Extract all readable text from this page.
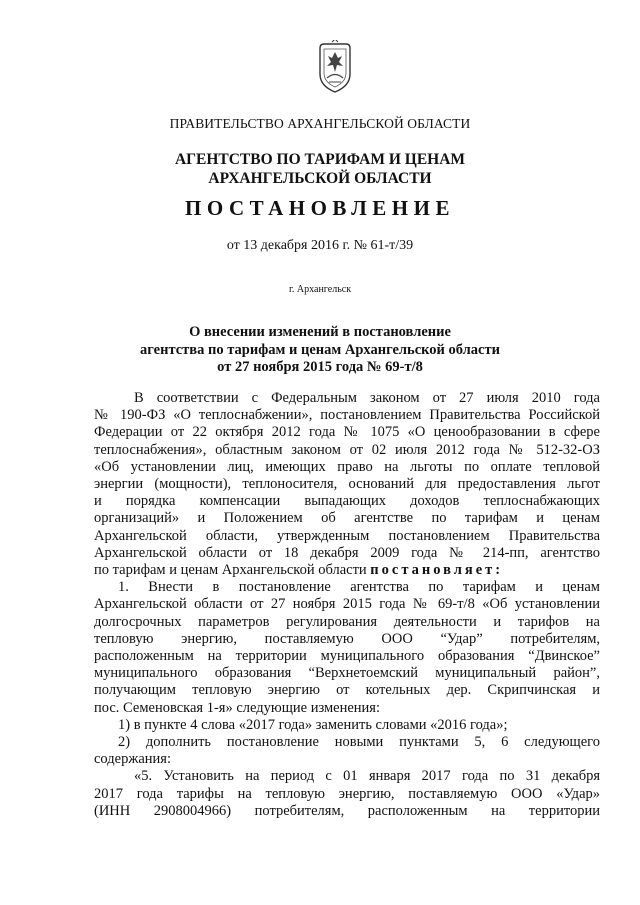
ПРАВИТЕЛЬСТВО АРХАНГЕЛЬСКОЙ ОБЛАСТИ
АГЕНТСТВО ПО ТАРИФАМ И ЦЕНАМ
АРХАНГЕЛЬСКОЙ ОБЛАСТИ
ПОСТАНОВЛЕНИЕ
от 13 декабря 2016 г. № 61-т/39
г. Архангельск
О внесении изменений в постановление
агентства по тарифам и ценам Архангельской области
от 27 ноября 2015 года № 69-т/8
В соответствии с Федеральным законом от 27 июля 2010 года
№ 190-ФЗ «О теплоснабжении», постановлением Правительства Российской
Федерации от 22 октября 2012 года № 1075 «О ценообразовании в сфере
теплоснабжения», областным законом от 02 июля 2012 года № 512-32-ОЗ
«Об установлении лиц, имеющих право на льготы по оплате тепловой
энергии (мощности), теплоносителя, оснований для предоставления льгот
и порядка компенсации выпадающих доходов теплоснабжающих
организаций» и Положением об агентстве по тарифам и ценам
Архангельской области, утвержденным постановлением Правительства
Архангельской области от 18 декабря 2009 года № 214-пп, агентство
по тарифам и ценам Архангельской области постановляет:
1. Внести в постановление агентства по тарифам и ценам
Архангельской области от 27 ноября 2015 года № 69-т/8 «Об установлении
долгосрочных параметров регулирования деятельности и тарифов на
тепловую энергию, поставляемую ООО “Удар” потребителям,
расположенным на территории муниципального образования “Двинское”
муниципального образования “Верхнетоемский муниципальный район”,
получающим тепловую энергию от котельных дер. Скрипчинская и
пос. Семеновская 1-я» следующие изменения:
1) в пункте 4 слова «2017 года» заменить словами «2016 года»;
2) дополнить постановление новыми пунктами 5, 6 следующего
содержания:
«5. Установить на период с 01 января 2017 года по 31 декабря
2017 года тарифы на тепловую энергию, поставляемую ООО «Удар»
(ИНН 2908004966) потребителям, расположенным на территории
